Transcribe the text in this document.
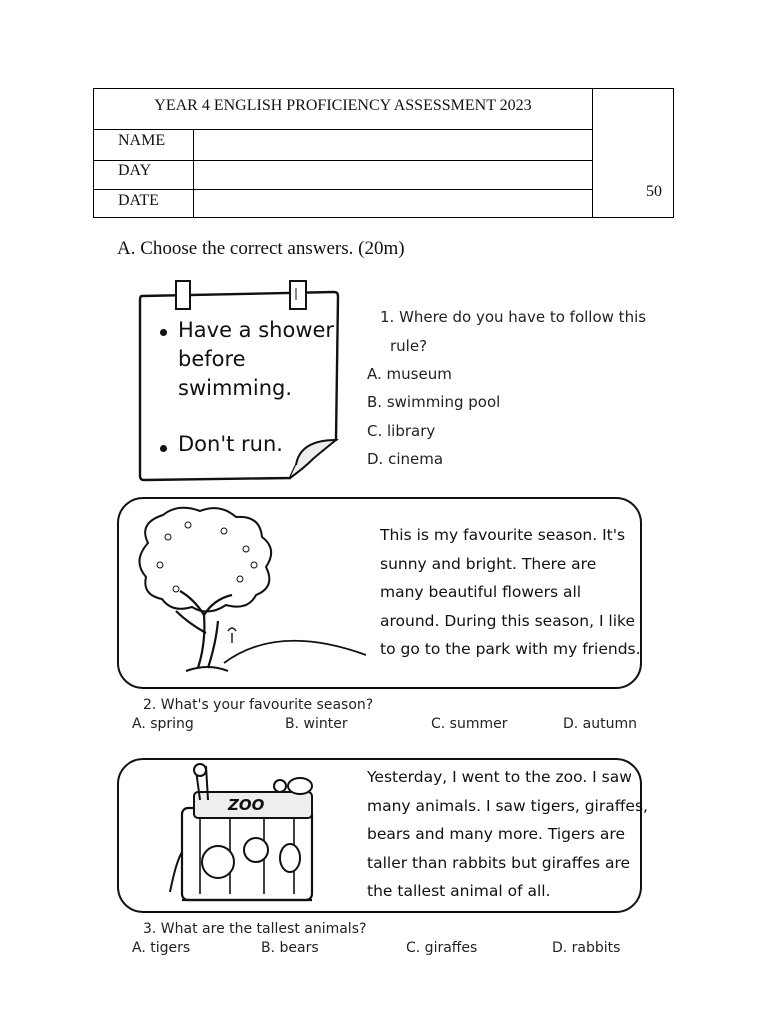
YEAR 4 ENGLISH PROFICIENCY ASSESSMENT 2023
NAME
DAY
DATE
50
A. Choose the correct answers. (20m)
Have a shower before swimming.
Don't run.
1. Where do you have to follow this
rule?
A. museum
B. swimming pool
C. library
D. cinema
This is my favourite season. It's
sunny and bright. There are
many beautiful flowers all
around. During this season, I like
to go to the park with my friends.
2. What's your favourite season?
A. spring	B. winter	C. summer	D. autumn
ZOO
Yesterday, I went to the zoo. I saw
many animals. I saw tigers, giraffes,
bears and many more. Tigers are
taller than rabbits but giraffes are
the tallest animal of all.
3. What are the tallest animals?
A. tigers	B. bears	C. giraffes	D. rabbits
